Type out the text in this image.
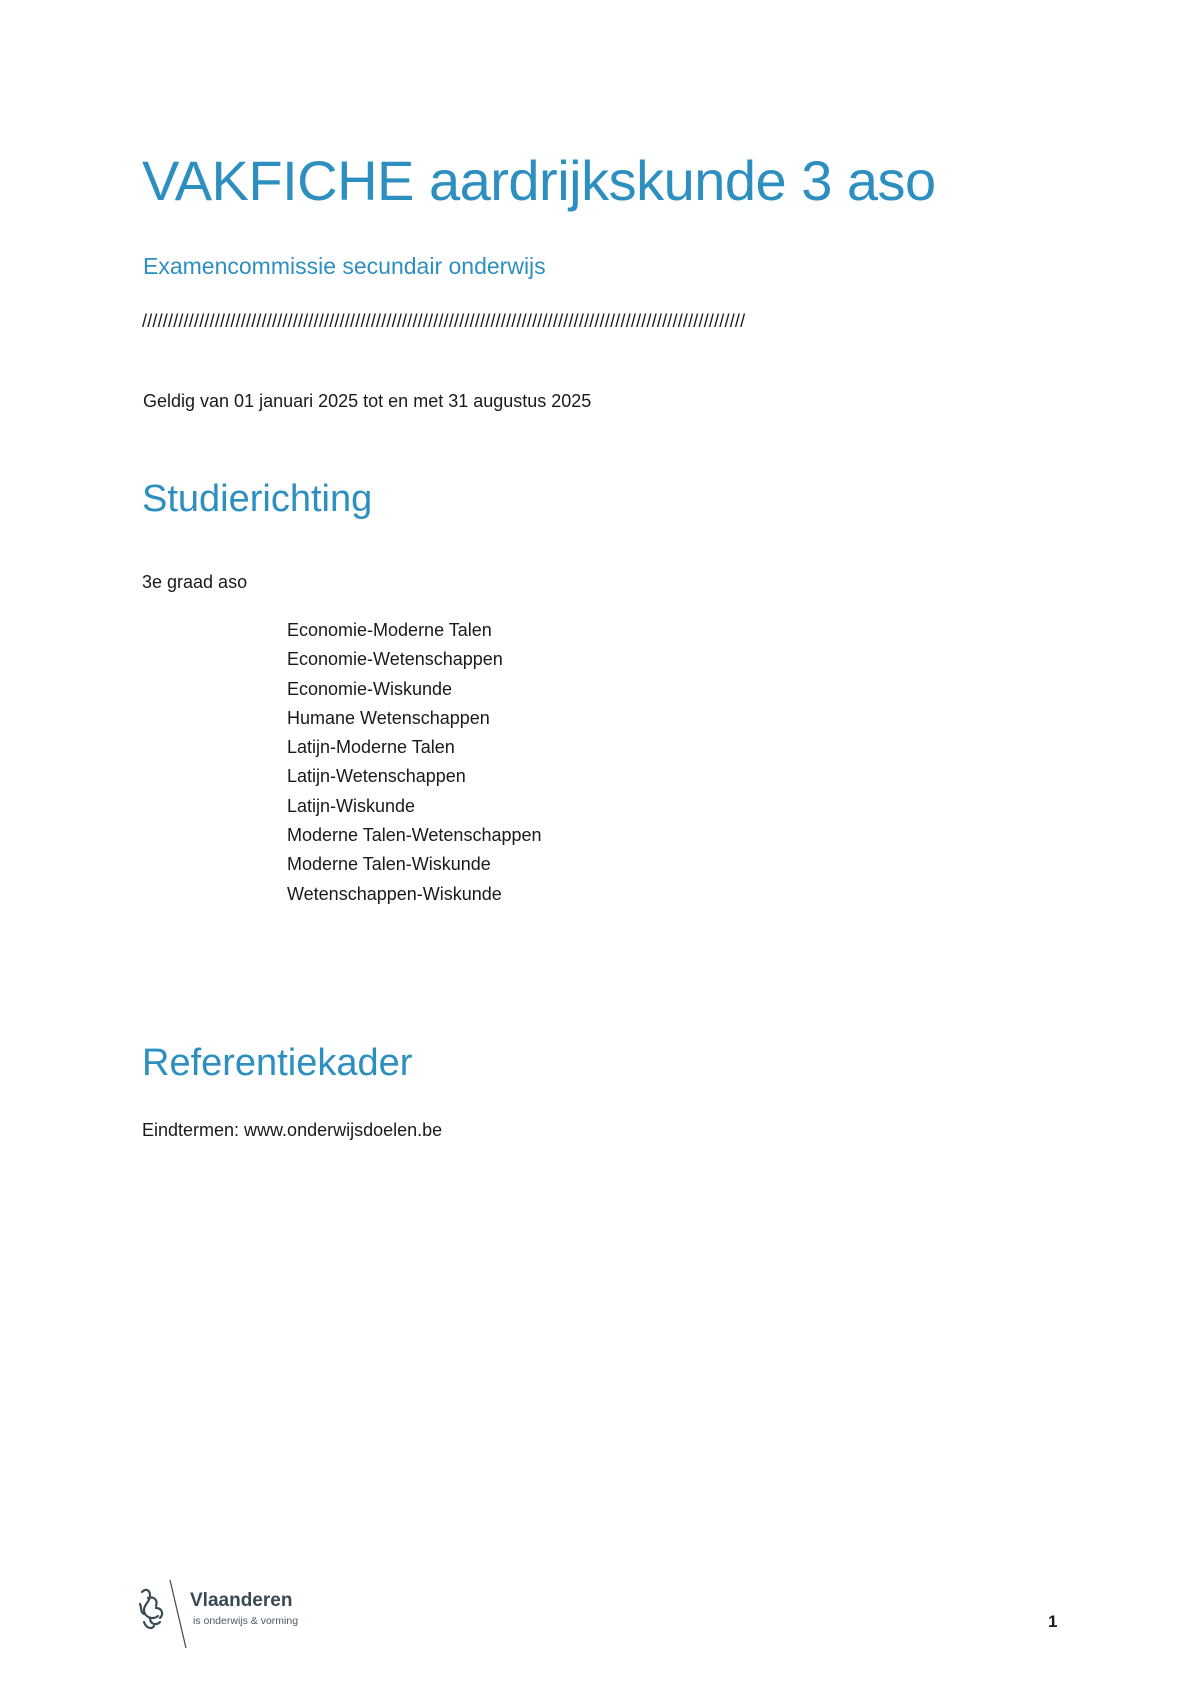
VAKFICHE aardrijkskunde 3 aso

Examencommissie secundair onderwijs

////////////////////////////////////////////////////////////////////////////////////////////////////////////////////

Geldig van 01 januari 2025 tot en met 31 augustus 2025

Studierichting

3e graad aso

Economie-Moderne Talen
Economie-Wetenschappen
Economie-Wiskunde
Humane Wetenschappen
Latijn-Moderne Talen
Latijn-Wetenschappen
Latijn-Wiskunde
Moderne Talen-Wetenschappen
Moderne Talen-Wiskunde
Wetenschappen-Wiskunde
Referentiekader

Eindtermen: www.onderwijsdoelen.be

Vlaanderen
is onderwijs & vorming	1
